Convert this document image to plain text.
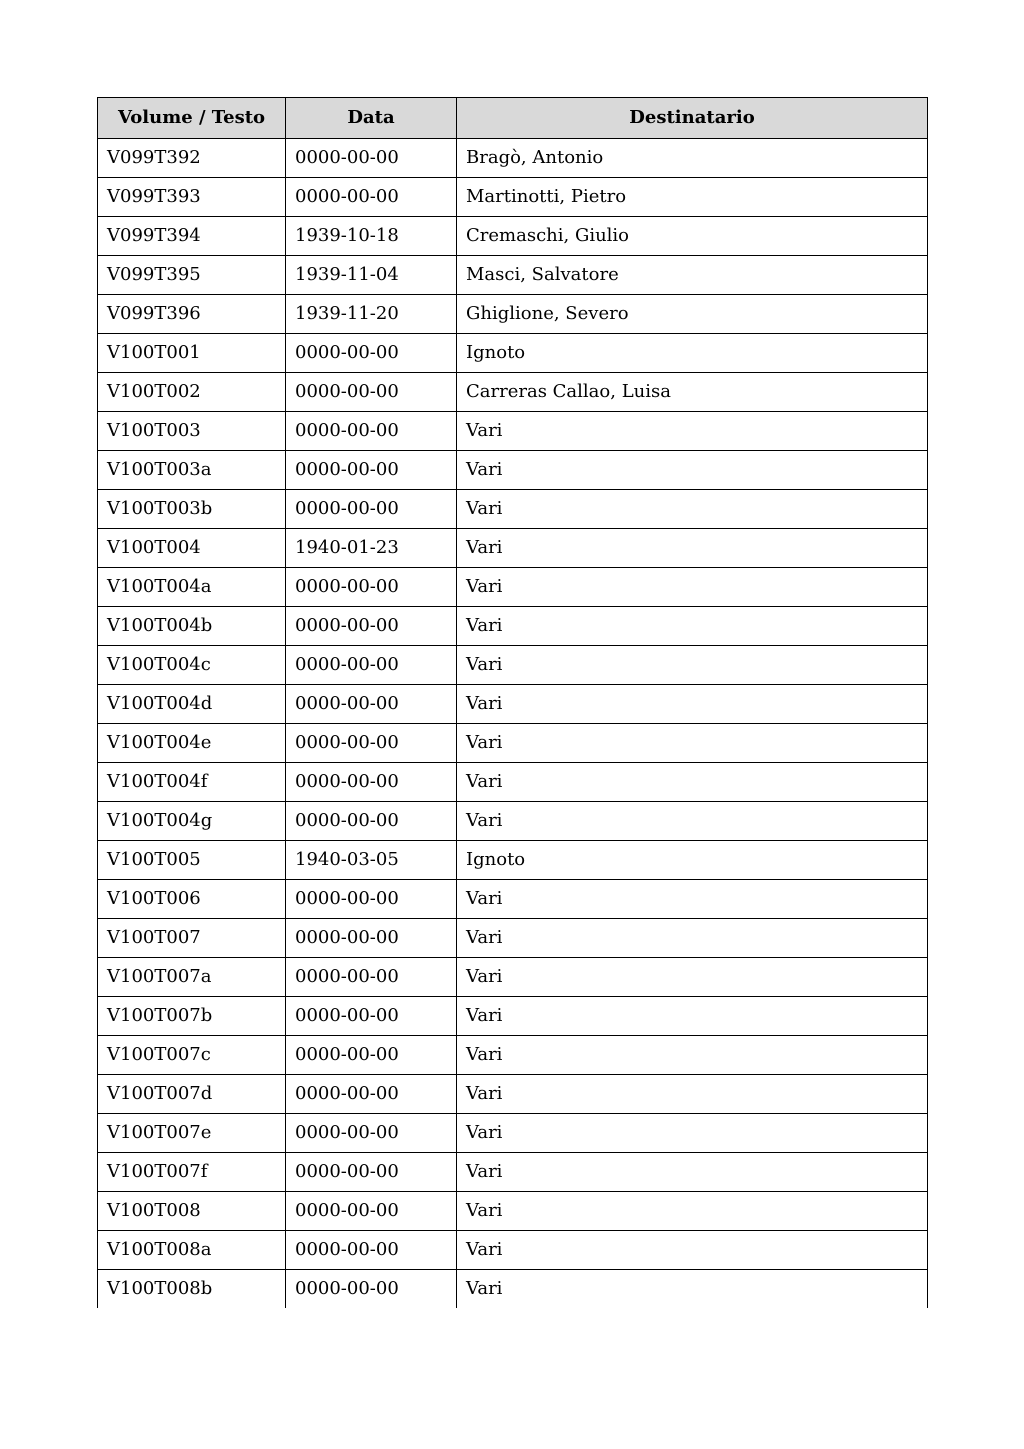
Volume / Testo	Data	Destinatario
V099T392	0000-00-00	Bragò, Antonio
V099T393	0000-00-00	Martinotti, Pietro
V099T394	1939-10-18	Cremaschi, Giulio
V099T395	1939-11-04	Masci, Salvatore
V099T396	1939-11-20	Ghiglione, Severo
V100T001	0000-00-00	Ignoto
V100T002	0000-00-00	Carreras Callao, Luisa
V100T003	0000-00-00	Vari
V100T003a	0000-00-00	Vari
V100T003b	0000-00-00	Vari
V100T004	1940-01-23	Vari
V100T004a	0000-00-00	Vari
V100T004b	0000-00-00	Vari
V100T004c	0000-00-00	Vari
V100T004d	0000-00-00	Vari
V100T004e	0000-00-00	Vari
V100T004f	0000-00-00	Vari
V100T004g	0000-00-00	Vari
V100T005	1940-03-05	Ignoto
V100T006	0000-00-00	Vari
V100T007	0000-00-00	Vari
V100T007a	0000-00-00	Vari
V100T007b	0000-00-00	Vari
V100T007c	0000-00-00	Vari
V100T007d	0000-00-00	Vari
V100T007e	0000-00-00	Vari
V100T007f	0000-00-00	Vari
V100T008	0000-00-00	Vari
V100T008a	0000-00-00	Vari
V100T008b	0000-00-00	Vari
